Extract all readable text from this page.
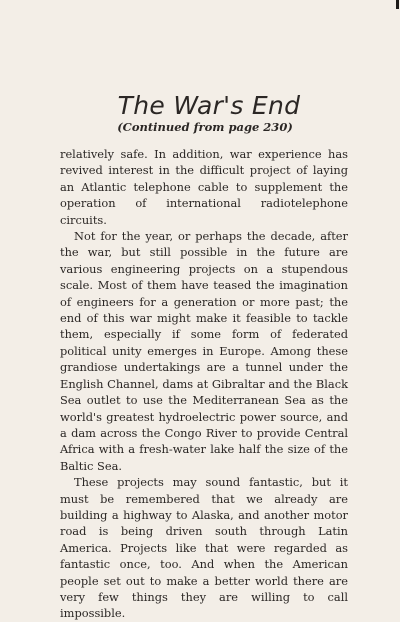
The War's End
(Continued from page 230)

relatively safe. In addition, war experience has revived interest in the difficult project of laying an Atlantic telephone cable to supplement the operation of international radiotelephone circuits.

Not for the year, or perhaps the decade, after the war, but still possible in the future are various engineering projects on a stupendous scale. Most of them have teased the imagination of engineers for a generation or more past; the end of this war might make it feasible to tackle them, especially if some form of federated political unity emerges in Europe. Among these grandiose undertakings are a tunnel under the English Channel, dams at Gibraltar and the Black Sea outlet to use the Mediterranean Sea as the world's greatest hydroelectric power source, and a dam across the Congo River to provide Central Africa with a fresh-water lake half the size of the Baltic Sea.

These projects may sound fantastic, but it must be remembered that we already are building a highway to Alaska, and another motor road is being driven south through Latin America. Projects like that were regarded as fantastic once, too. And when the American people set out to make a better world there are very few things they are willing to call impossible.
